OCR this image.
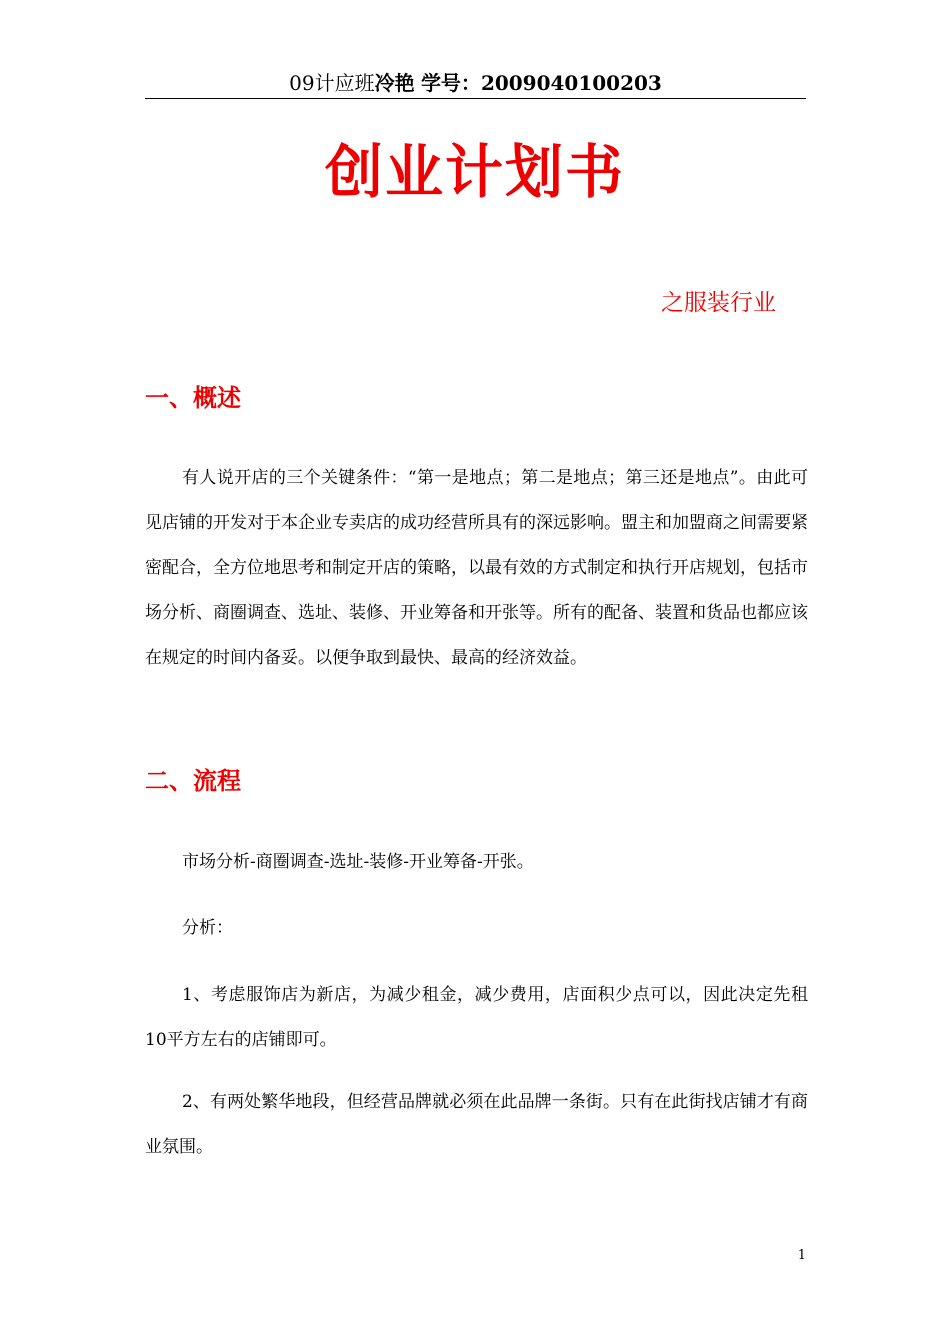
09计应班冷艳 学号：2009040100203
创业计划书
之服装行业
一、概述

有人说开店的三个关键条件：“第一是地点；第二是地点；第三还是地点”。由此可见店铺的开发对于本企业专卖店的成功经营所具有的深远影响。盟主和加盟商之间需要紧密配合，全方位地思考和制定开店的策略，以最有效的方式制定和执行开店规划，包括市场分析、商圈调查、选址、装修、开业筹备和开张等。所有的配备、装置和货品也都应该在规定的时间内备妥。以便争取到最快、最高的经济效益。

二、流程

市场分析-商圈调查-选址-装修-开业筹备-开张。

分析：

1、考虑服饰店为新店，为减少租金，减少费用，店面积少点可以，因此决定先租10平方左右的店铺即可。

2、有两处繁华地段，但经营品牌就必须在此品牌一条街。只有在此街找店铺才有商业氛围。

1
